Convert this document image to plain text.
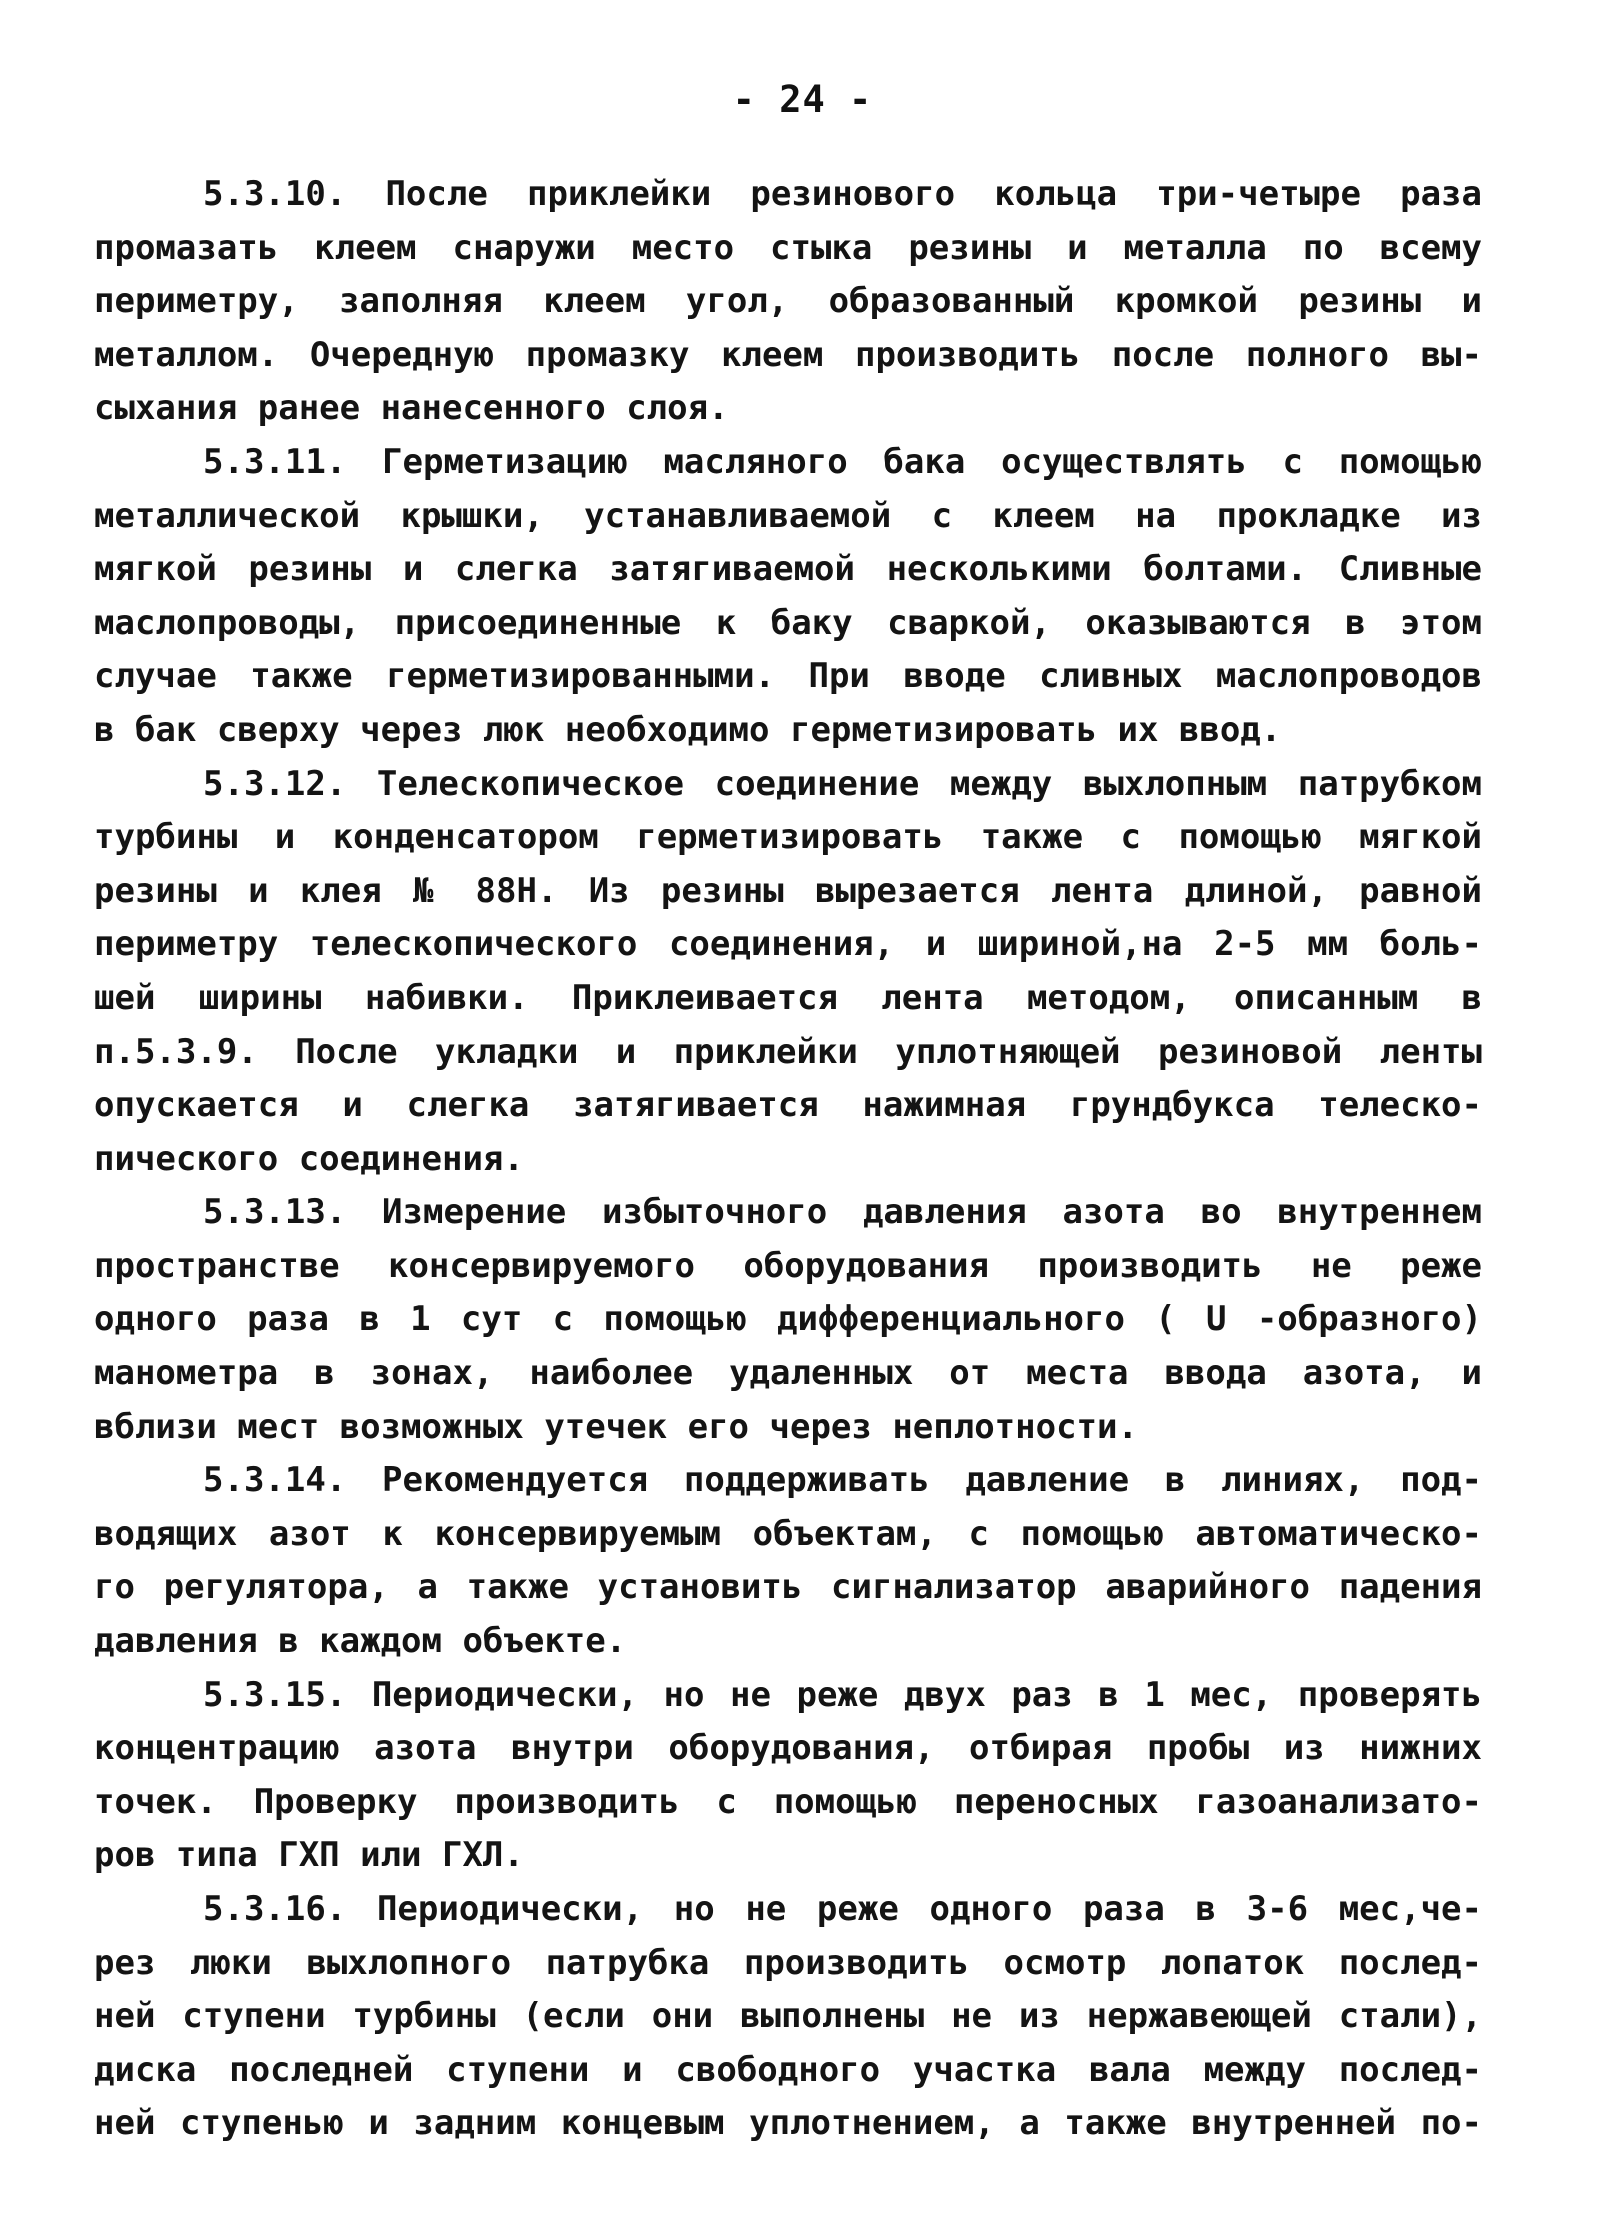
- 24 -
5.3.10. После приклейки резинового кольца три-четыре раза
промазать клеем снаружи место стыка резины и металла по всему
периметру, заполняя клеем угол, образованный кромкой резины и
металлом. Очередную промазку клеем производить после полного вы-
сыхания ранее нанесенного слоя.
5.3.11. Герметизацию масляного бака осуществлять с помощью
металлической крышки, устанавливаемой с клеем на прокладке из
мягкой резины и слегка затягиваемой несколькими болтами. Сливные
маслопроводы, присоединенные к баку сваркой, оказываются в этом
случае также герметизированными. При вводе сливных маслопроводов
в бак сверху через люк необходимо герметизировать их ввод.
5.3.12. Телескопическое соединение между выхлопным патрубком
турбины и конденсатором герметизировать также с помощью мягкой
резины и клея № 88Н. Из резины вырезается лента длиной, равной
периметру телескопического соединения, и шириной,на 2-5 мм боль-
шей ширины набивки. Приклеивается лента методом, описанным в
п.5.3.9. После укладки и приклейки уплотняющей резиновой ленты
опускается и слегка затягивается нажимная грундбукса телеско-
пического соединения.
5.3.13. Измерение избыточного давления азота во внутреннем
пространстве консервируемого оборудования производить не реже
одного раза в 1 сут с помощью дифференциального ( U -образного)
манометра в зонах, наиболее удаленных от места ввода азота, и
вблизи мест возможных утечек его через неплотности.
5.3.14. Рекомендуется поддерживать давление в линиях, под-
водящих азот к консервируемым объектам, с помощью автоматическо-
го регулятора, а также установить сигнализатор аварийного падения
давления в каждом объекте.
5.3.15. Периодически, но не реже двух раз в 1 мес, проверять
концентрацию азота внутри оборудования, отбирая пробы из нижних
точек. Проверку производить с помощью переносных газоанализато-
ров типа ГХП или ГХЛ.
5.3.16. Периодически, но не реже одного раза в 3-6 мес,че-
рез люки выхлопного патрубка производить осмотр лопаток послед-
ней ступени турбины (если они выполнены не из нержавеющей стали),
диска последней ступени и свободного участка вала между послед-
ней ступенью и задним концевым уплотнением, а также внутренней по-
